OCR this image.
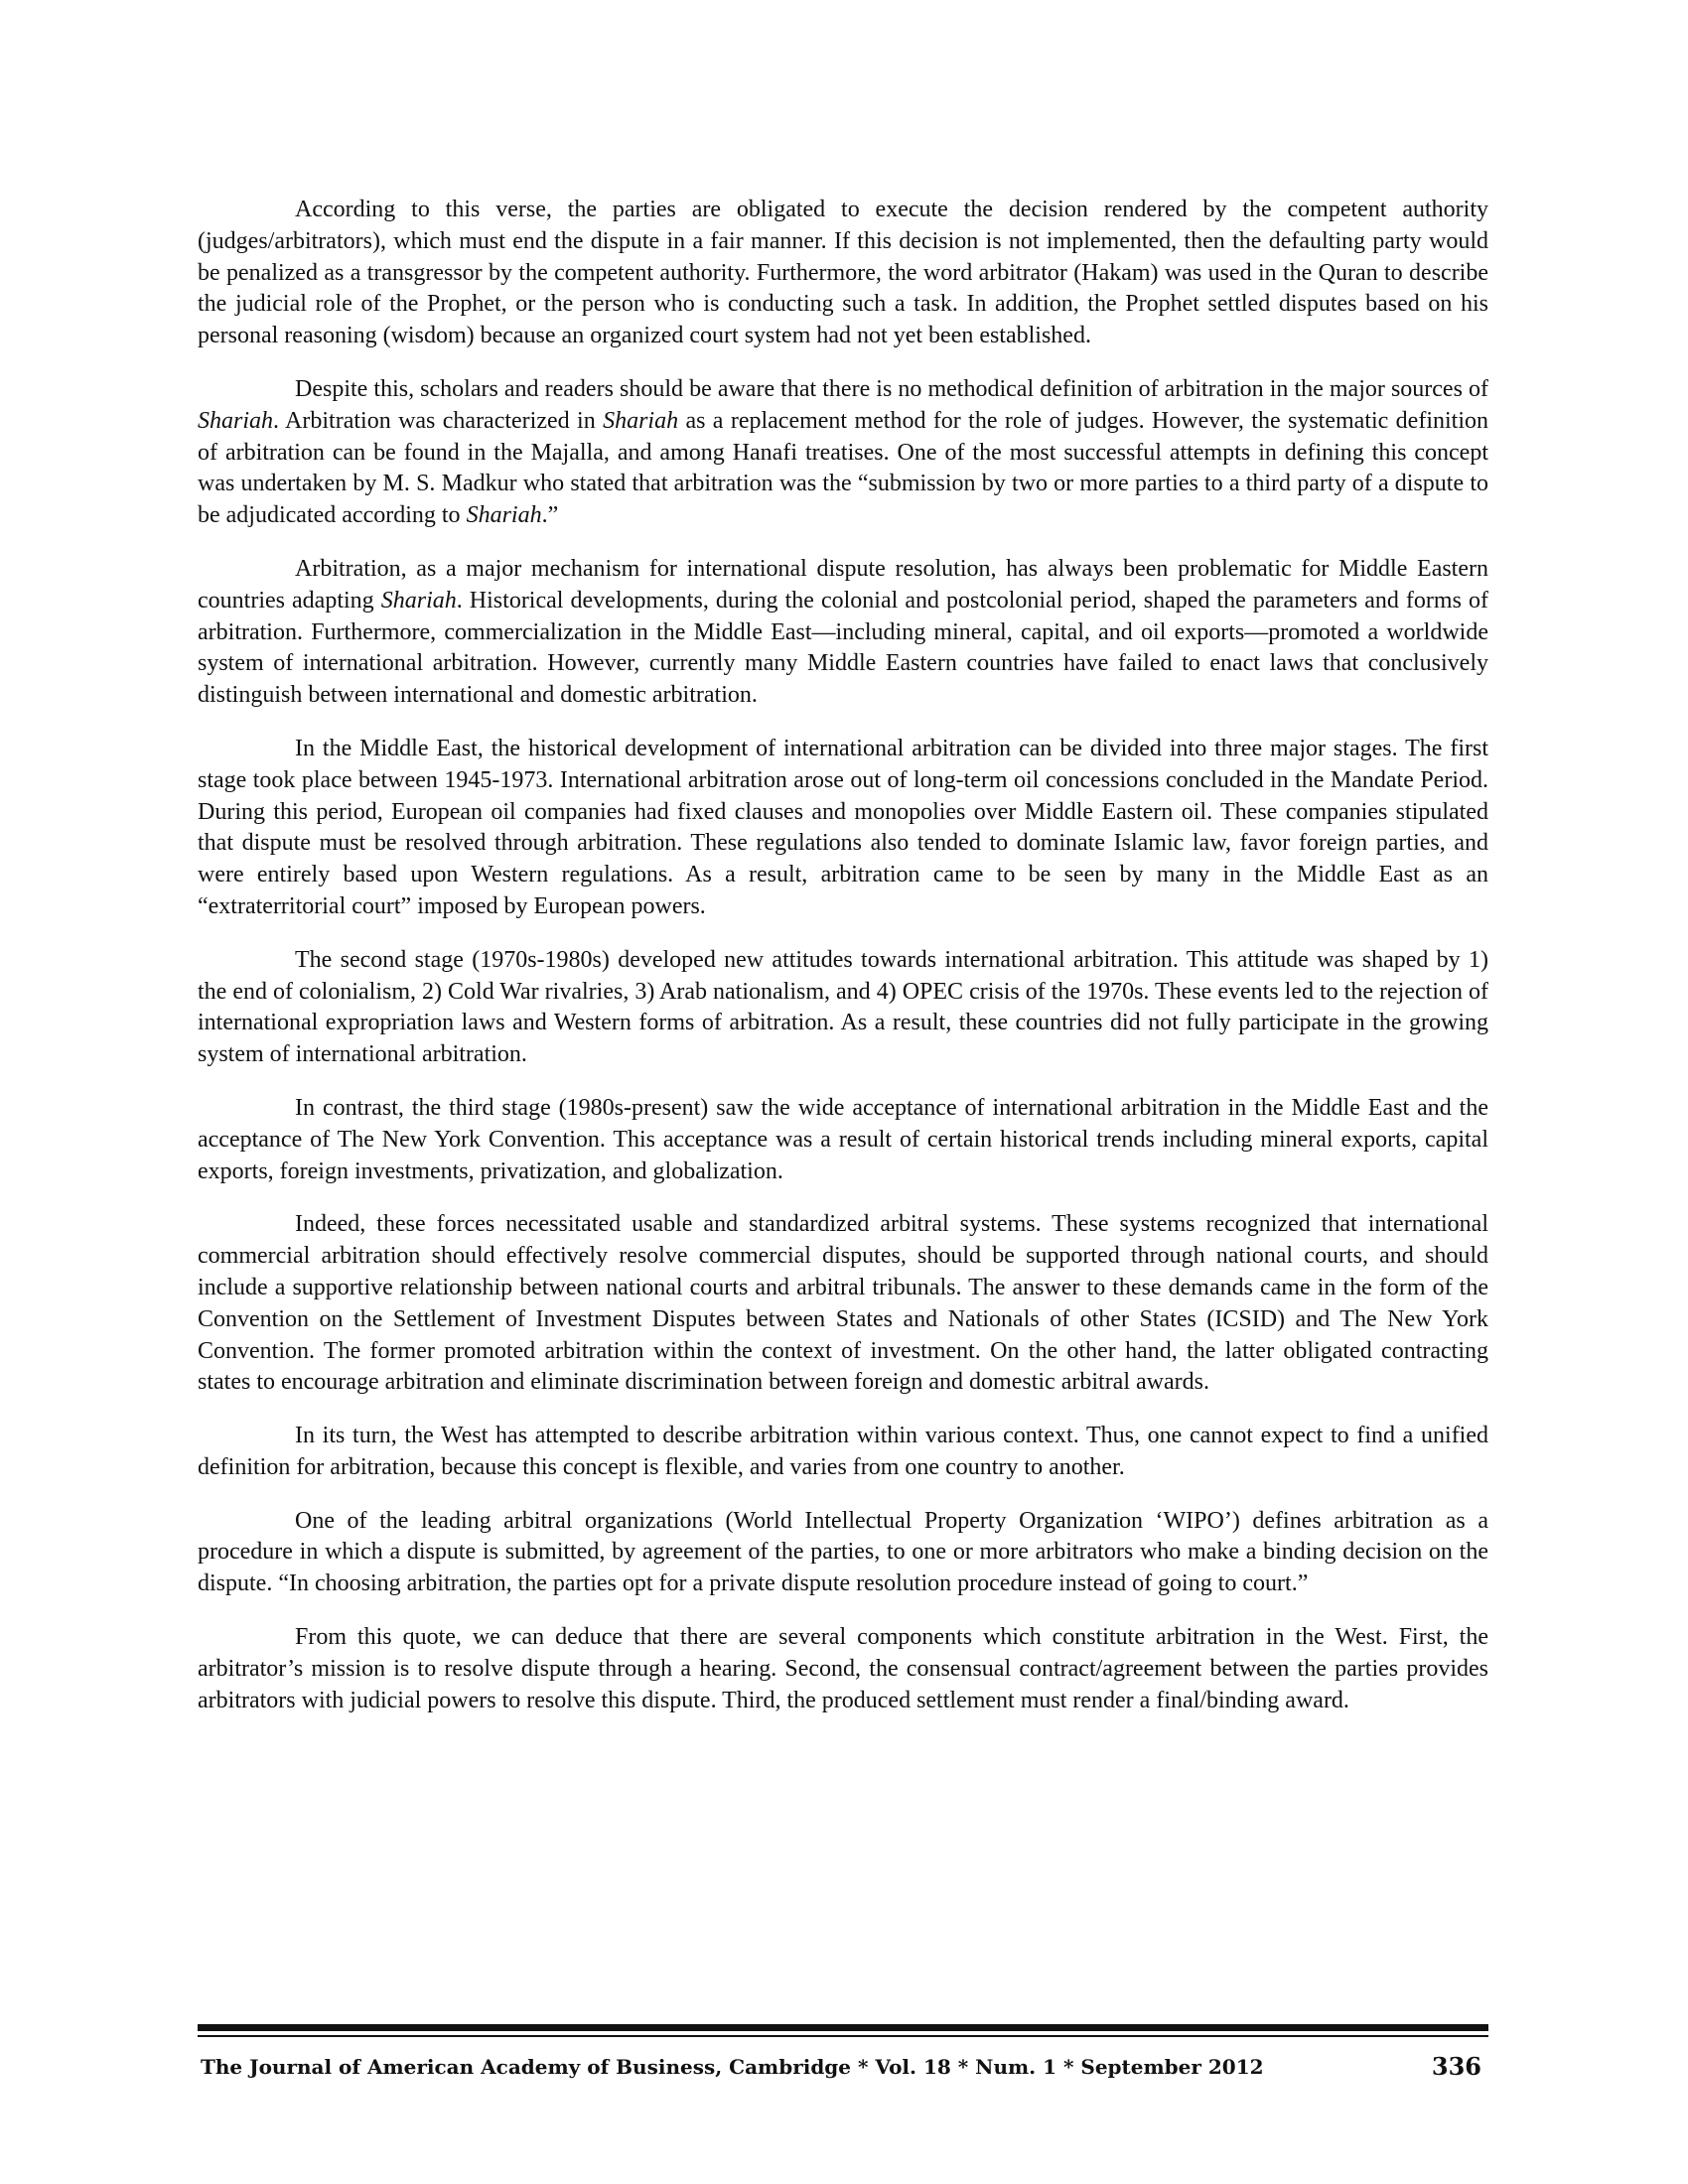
According to this verse, the parties are obligated to execute the decision rendered by the competent authority (judges/arbitrators), which must end the dispute in a fair manner. If this decision is not implemented, then the defaulting party would be penalized as a transgressor by the competent authority. Furthermore, the word arbitrator (Hakam) was used in the Quran to describe the judicial role of the Prophet, or the person who is conducting such a task. In addition, the Prophet settled disputes based on his personal reasoning (wisdom) because an organized court system had not yet been established.

Despite this, scholars and readers should be aware that there is no methodical definition of arbitration in the major sources of Shariah. Arbitration was characterized in Shariah as a replacement method for the role of judges. However, the systematic definition of arbitration can be found in the Majalla, and among Hanafi treatises. One of the most successful attempts in defining this concept was undertaken by M. S. Madkur who stated that arbitration was the “submission by two or more parties to a third party of a dispute to be adjudicated according to Shariah.”

Arbitration, as a major mechanism for international dispute resolution, has always been problematic for Middle Eastern countries adapting Shariah. Historical developments, during the colonial and postcolonial period, shaped the parameters and forms of arbitration. Furthermore, commercialization in the Middle East—including mineral, capital, and oil exports—promoted a worldwide system of international arbitration. However, currently many Middle Eastern countries have failed to enact laws that conclusively distinguish between international and domestic arbitration.

In the Middle East, the historical development of international arbitration can be divided into three major stages. The first stage took place between 1945-1973. International arbitration arose out of long-term oil concessions concluded in the Mandate Period. During this period, European oil companies had fixed clauses and monopolies over Middle Eastern oil. These companies stipulated that dispute must be resolved through arbitration. These regulations also tended to dominate Islamic law, favor foreign parties, and were entirely based upon Western regulations. As a result, arbitration came to be seen by many in the Middle East as an “extraterritorial court” imposed by European powers.

The second stage (1970s-1980s) developed new attitudes towards international arbitration. This attitude was shaped by 1) the end of colonialism, 2) Cold War rivalries, 3) Arab nationalism, and 4) OPEC crisis of the 1970s. These events led to the rejection of international expropriation laws and Western forms of arbitration. As a result, these countries did not fully participate in the growing system of international arbitration.

In contrast, the third stage (1980s-present) saw the wide acceptance of international arbitration in the Middle East and the acceptance of The New York Convention. This acceptance was a result of certain historical trends including mineral exports, capital exports, foreign investments, privatization, and globalization.

Indeed, these forces necessitated usable and standardized arbitral systems. These systems recognized that international commercial arbitration should effectively resolve commercial disputes, should be supported through national courts, and should include a supportive relationship between national courts and arbitral tribunals. The answer to these demands came in the form of the Convention on the Settlement of Investment Disputes between States and Nationals of other States (ICSID) and The New York Convention. The former promoted arbitration within the context of investment. On the other hand, the latter obligated contracting states to encourage arbitration and eliminate discrimination between foreign and domestic arbitral awards.

In its turn, the West has attempted to describe arbitration within various context. Thus, one cannot expect to find a unified definition for arbitration, because this concept is flexible, and varies from one country to another.

One of the leading arbitral organizations (World Intellectual Property Organization ‘WIPO’) defines arbitration as a procedure in which a dispute is submitted, by agreement of the parties, to one or more arbitrators who make a binding decision on the dispute. “In choosing arbitration, the parties opt for a private dispute resolution procedure instead of going to court.”

From this quote, we can deduce that there are several components which constitute arbitration in the West. First, the arbitrator’s mission is to resolve dispute through a hearing. Second, the consensual contract/agreement between the parties provides arbitrators with judicial powers to resolve this dispute. Third, the produced settlement must render a final/binding award.

The Journal of American Academy of Business, Cambridge * Vol. 18 * Num. 1 * September 2012	336
